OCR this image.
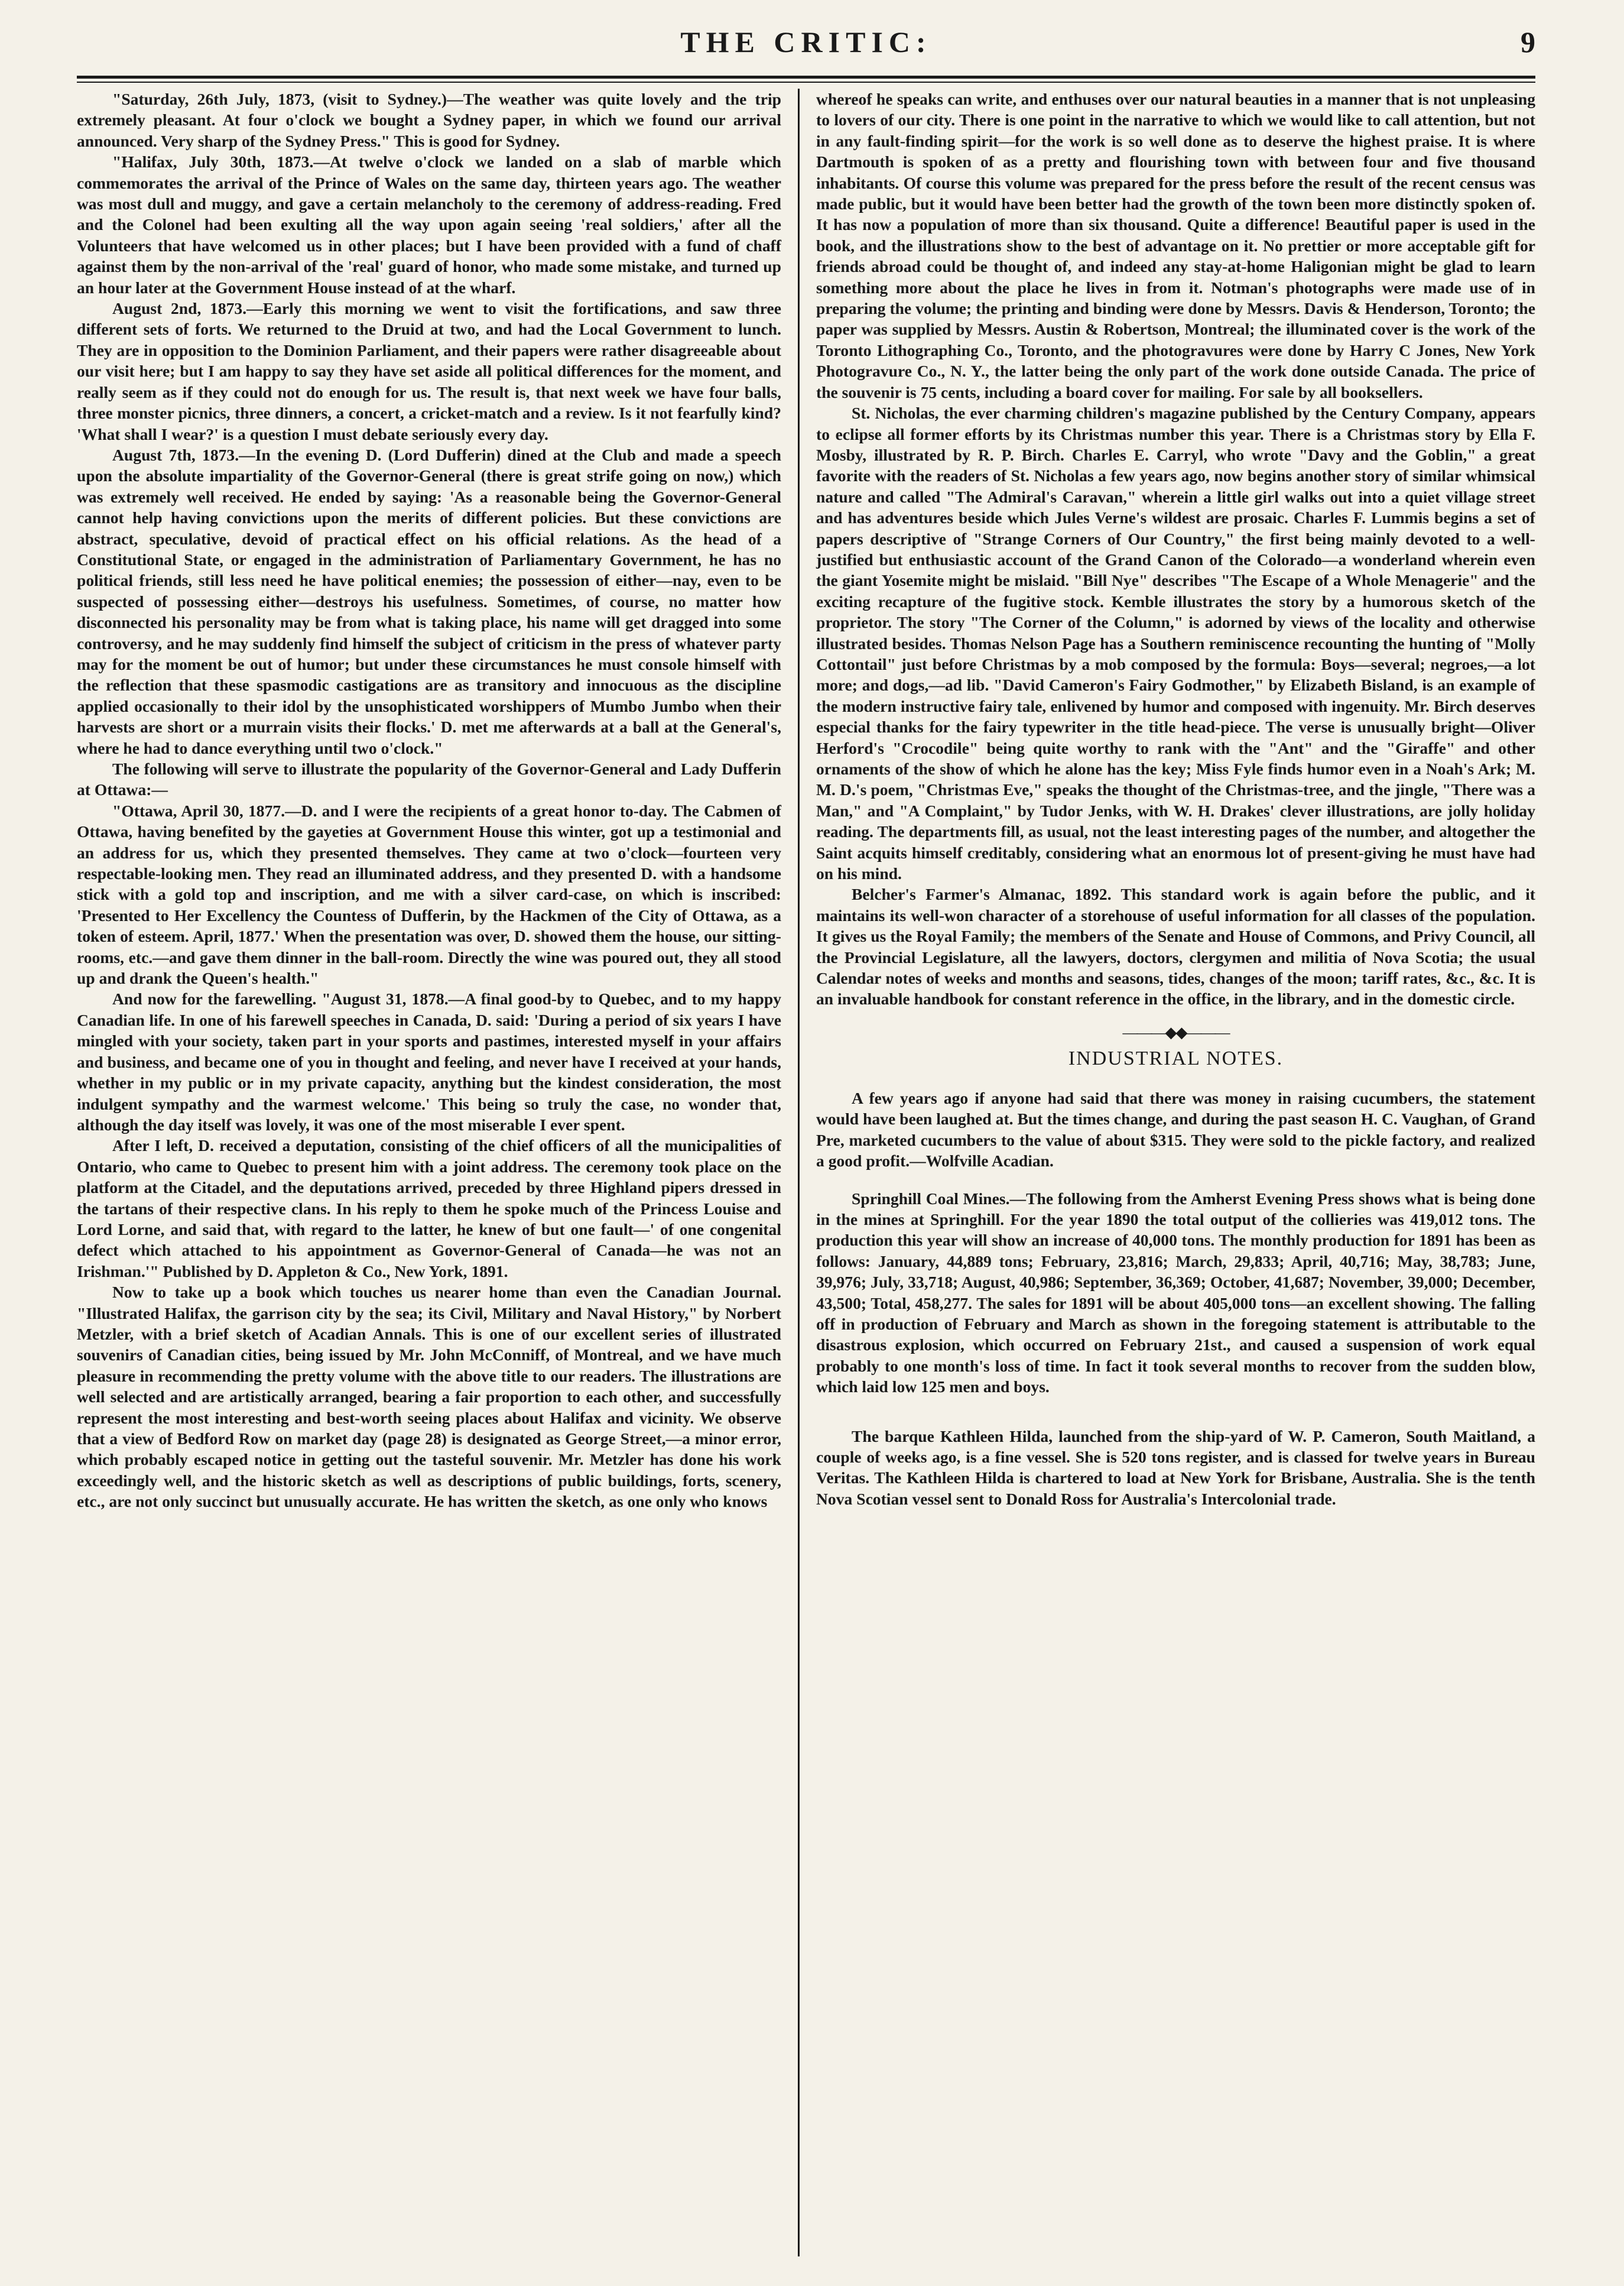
THE CRITIC:	9

"Saturday, 26th July, 1873, (visit to Sydney.)—The weather was quite lovely and the trip extremely pleasant. At four o'clock we bought a Sydney paper, in which we found our arrival announced. Very sharp of the Sydney Press." This is good for Sydney.

"Halifax, July 30th, 1873.—At twelve o'clock we landed on a slab of marble which commemorates the arrival of the Prince of Wales on the same day, thirteen years ago. The weather was most dull and muggy, and gave a certain melancholy to the ceremony of address-reading. Fred and the Colonel had been exulting all the way upon again seeing 'real soldiers,' after all the Volunteers that have welcomed us in other places; but I have been provided with a fund of chaff against them by the non-arrival of the 'real' guard of honor, who made some mistake, and turned up an hour later at the Government House instead of at the wharf.

August 2nd, 1873.—Early this morning we went to visit the fortifications, and saw three different sets of forts. We returned to the Druid at two, and had the Local Government to lunch. They are in opposition to the Dominion Parliament, and their papers were rather disagreeable about our visit here; but I am happy to say they have set aside all political differences for the moment, and really seem as if they could not do enough for us. The result is, that next week we have four balls, three monster picnics, three dinners, a concert, a cricket-match and a review. Is it not fearfully kind? 'What shall I wear?' is a question I must debate seriously every day.

August 7th, 1873.—In the evening D. (Lord Dufferin) dined at the Club and made a speech upon the absolute impartiality of the Governor-General (there is great strife going on now,) which was extremely well received. He ended by saying: 'As a reasonable being the Governor-General cannot help having convictions upon the merits of different policies. But these convictions are abstract, speculative, devoid of practical effect on his official relations. As the head of a Constitutional State, or engaged in the administration of Parliamentary Government, he has no political friends, still less need he have political enemies; the possession of either—nay, even to be suspected of possessing either—destroys his usefulness. Sometimes, of course, no matter how disconnected his personality may be from what is taking place, his name will get dragged into some controversy, and he may suddenly find himself the subject of criticism in the press of whatever party may for the moment be out of humor; but under these circumstances he must console himself with the reflection that these spasmodic castigations are as transitory and innocuous as the discipline applied occasionally to their idol by the unsophisticated worshippers of Mumbo Jumbo when their harvests are short or a murrain visits their flocks.' D. met me afterwards at a ball at the General's, where he had to dance everything until two o'clock."

The following will serve to illustrate the popularity of the Governor-General and Lady Dufferin at Ottawa:—

"Ottawa, April 30, 1877.—D. and I were the recipients of a great honor to-day. The Cabmen of Ottawa, having benefited by the gayeties at Government House this winter, got up a testimonial and an address for us, which they presented themselves. They came at two o'clock—fourteen very respectable-looking men. They read an illuminated address, and they presented D. with a handsome stick with a gold top and inscription, and me with a silver card-case, on which is inscribed: 'Presented to Her Excellency the Countess of Dufferin, by the Hackmen of the City of Ottawa, as a token of esteem. April, 1877.' When the presentation was over, D. showed them the house, our sitting-rooms, etc.—and gave them dinner in the ball-room. Directly the wine was poured out, they all stood up and drank the Queen's health."

And now for the farewelling. "August 31, 1878.—A final good-by to Quebec, and to my happy Canadian life. In one of his farewell speeches in Canada, D. said: 'During a period of six years I have mingled with your society, taken part in your sports and pastimes, interested myself in your affairs and business, and became one of you in thought and feeling, and never have I received at your hands, whether in my public or in my private capacity, anything but the kindest consideration, the most indulgent sympathy and the warmest welcome.' This being so truly the case, no wonder that, although the day itself was lovely, it was one of the most miserable I ever spent.

After I left, D. received a deputation, consisting of the chief officers of all the municipalities of Ontario, who came to Quebec to present him with a joint address. The ceremony took place on the platform at the Citadel, and the deputations arrived, preceded by three Highland pipers dressed in the tartans of their respective clans. In his reply to them he spoke much of the Princess Louise and Lord Lorne, and said that, with regard to the latter, he knew of but one fault—' of one congenital defect which attached to his appointment as Governor-General of Canada—he was not an Irishman.'" Published by D. Appleton & Co., New York, 1891.

Now to take up a book which touches us nearer home than even the Canadian Journal. "Illustrated Halifax, the garrison city by the sea; its Civil, Military and Naval History," by Norbert Metzler, with a brief sketch of Acadian Annals. This is one of our excellent series of illustrated souvenirs of Canadian cities, being issued by Mr. John McConniff, of Montreal, and we have much pleasure in recommending the pretty volume with the above title to our readers. The illustrations are well selected and are artistically arranged, bearing a fair proportion to each other, and successfully represent the most interesting and best-worth seeing places about Halifax and vicinity. We observe that a view of Bedford Row on market day (page 28) is designated as George Street,—a minor error, which probably escaped notice in getting out the tasteful souvenir. Mr. Metzler has done his work exceedingly well, and the historic sketch as well as descriptions of public buildings, forts, scenery, etc., are not only succinct but unusually accurate. He has written the sketch, as one only who knows

whereof he speaks can write, and enthuses over our natural beauties in a manner that is not unpleasing to lovers of our city. There is one point in the narrative to which we would like to call attention, but not in any fault-finding spirit—for the work is so well done as to deserve the highest praise. It is where Dartmouth is spoken of as a pretty and flourishing town with between four and five thousand inhabitants. Of course this volume was prepared for the press before the result of the recent census was made public, but it would have been better had the growth of the town been more distinctly spoken of. It has now a population of more than six thousand. Quite a difference! Beautiful paper is used in the book, and the illustrations show to the best of advantage on it. No prettier or more acceptable gift for friends abroad could be thought of, and indeed any stay-at-home Haligonian might be glad to learn something more about the place he lives in from it. Notman's photographs were made use of in preparing the volume; the printing and binding were done by Messrs. Davis & Henderson, Toronto; the paper was supplied by Messrs. Austin & Robertson, Montreal; the illuminated cover is the work of the Toronto Lithographing Co., Toronto, and the photogravures were done by Harry C Jones, New York Photogravure Co., N. Y., the latter being the only part of the work done outside Canada. The price of the souvenir is 75 cents, including a board cover for mailing. For sale by all booksellers.

St. Nicholas, the ever charming children's magazine published by the Century Company, appears to eclipse all former efforts by its Christmas number this year. There is a Christmas story by Ella F. Mosby, illustrated by R. P. Birch. Charles E. Carryl, who wrote "Davy and the Goblin," a great favorite with the readers of St. Nicholas a few years ago, now begins another story of similar whimsical nature and called "The Admiral's Caravan," wherein a little girl walks out into a quiet village street and has adventures beside which Jules Verne's wildest are prosaic. Charles F. Lummis begins a set of papers descriptive of "Strange Corners of Our Country," the first being mainly devoted to a well-justified but enthusiastic account of the Grand Canon of the Colorado—a wonderland wherein even the giant Yosemite might be mislaid. "Bill Nye" describes "The Escape of a Whole Menagerie" and the exciting recapture of the fugitive stock. Kemble illustrates the story by a humorous sketch of the proprietor. The story "The Corner of the Column," is adorned by views of the locality and otherwise illustrated besides. Thomas Nelson Page has a Southern reminiscence recounting the hunting of "Molly Cottontail" just before Christmas by a mob composed by the formula: Boys—several; negroes,—a lot more; and dogs,—ad lib. "David Cameron's Fairy Godmother," by Elizabeth Bisland, is an example of the modern instructive fairy tale, enlivened by humor and composed with ingenuity. Mr. Birch deserves especial thanks for the fairy typewriter in the title head-piece. The verse is unusually bright—Oliver Herford's "Crocodile" being quite worthy to rank with the "Ant" and the "Giraffe" and other ornaments of the show of which he alone has the key; Miss Fyle finds humor even in a Noah's Ark; M. M. D.'s poem, "Christmas Eve," speaks the thought of the Christmas-tree, and the jingle, "There was a Man," and "A Complaint," by Tudor Jenks, with W. H. Drakes' clever illustrations, are jolly holiday reading. The departments fill, as usual, not the least interesting pages of the number, and altogether the Saint acquits himself creditably, considering what an enormous lot of present-giving he must have had on his mind.

Belcher's Farmer's Almanac, 1892. This standard work is again before the public, and it maintains its well-won character of a storehouse of useful information for all classes of the population. It gives us the Royal Family; the members of the Senate and House of Commons, and Privy Council, all the Provincial Legislature, all the lawyers, doctors, clergymen and militia of Nova Scotia; the usual Calendar notes of weeks and months and seasons, tides, changes of the moon; tariff rates, &c., &c. It is an invaluable handbook for constant reference in the office, in the library, and in the domestic circle.

———◆◆———
INDUSTRIAL NOTES.

A few years ago if anyone had said that there was money in raising cucumbers, the statement would have been laughed at. But the times change, and during the past season H. C. Vaughan, of Grand Pre, marketed cucumbers to the value of about $315. They were sold to the pickle factory, and realized a good profit.—Wolfville Acadian.

Springhill Coal Mines.—The following from the Amherst Evening Press shows what is being done in the mines at Springhill. For the year 1890 the total output of the collieries was 419,012 tons. The production this year will show an increase of 40,000 tons. The monthly production for 1891 has been as follows: January, 44,889 tons; February, 23,816; March, 29,833; April, 40,716; May, 38,783; June, 39,976; July, 33,718; August, 40,986; September, 36,369; October, 41,687; November, 39,000; December, 43,500; Total, 458,277. The sales for 1891 will be about 405,000 tons—an excellent showing. The falling off in production of February and March as shown in the foregoing statement is attributable to the disastrous explosion, which occurred on February 21st., and caused a suspension of work equal probably to one month's loss of time. In fact it took several months to recover from the sudden blow, which laid low 125 men and boys.

The barque Kathleen Hilda, launched from the ship-yard of W. P. Cameron, South Maitland, a couple of weeks ago, is a fine vessel. She is 520 tons register, and is classed for twelve years in Bureau Veritas. The Kathleen Hilda is chartered to load at New York for Brisbane, Australia. She is the tenth Nova Scotian vessel sent to Donald Ross for Australia's Intercolonial trade.
